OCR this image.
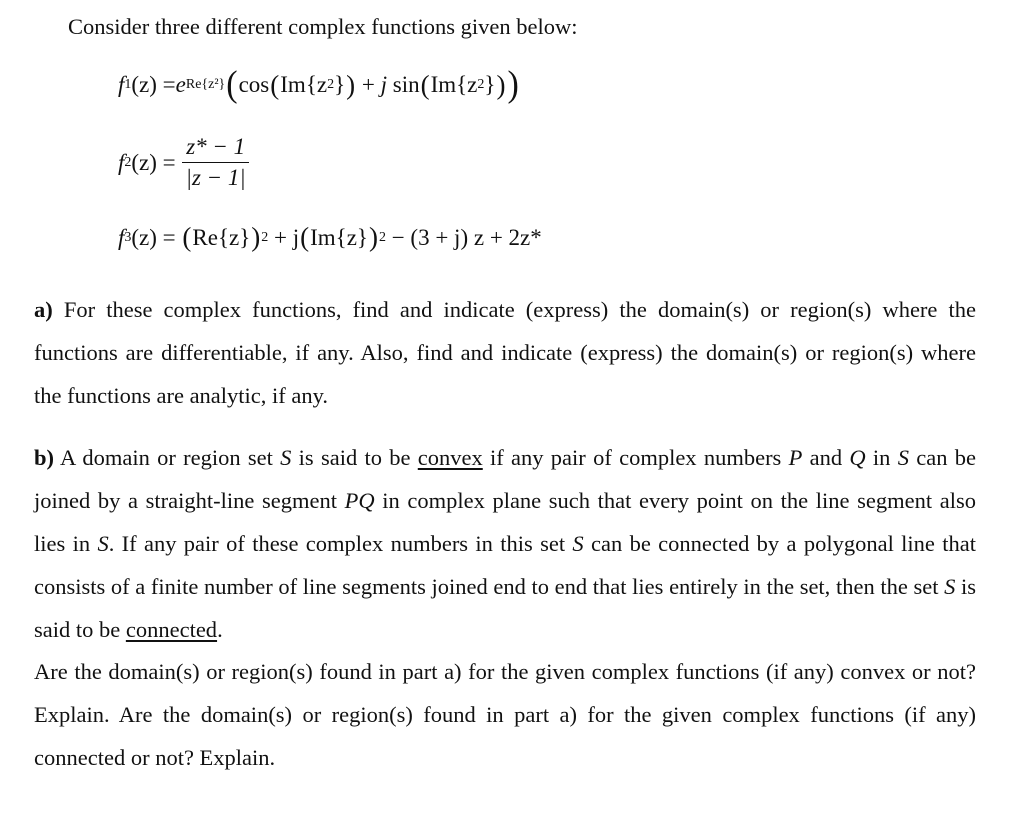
Consider three different complex functions given below:
f 1 (z) = e Re{z²} ( cos ( Im{z 2 } ) + j sin ( Im{z 2 } ) )
f 2 $(z) = \frac{z* - 1}{|z - 1|}$
f 3 (z) = ( Re{z} ) 2 + j ( Im{z} ) 2 − (3 + j) z + 2z*
a) For these complex functions, find and indicate (express) the domain(s) or region(s) where the functions are differentiable, if any. Also, find and indicate (express) the domain(s) or region(s) where the functions are analytic, if any.
b) A domain or region set S is said to be convex if any pair of complex numbers P and Q in S can be joined by a straight-line segment PQ in complex plane such that every point on the line segment also lies in S. If any pair of these complex numbers in this set S can be connected by a polygonal line that consists of a finite number of line segments joined end to end that lies entirely in the set, then the set S is said to be connected.
Are the domain(s) or region(s) found in part a) for the given complex functions (if any) convex or not? Explain. Are the domain(s) or region(s) found in part a) for the given complex functions (if any) connected or not? Explain.
